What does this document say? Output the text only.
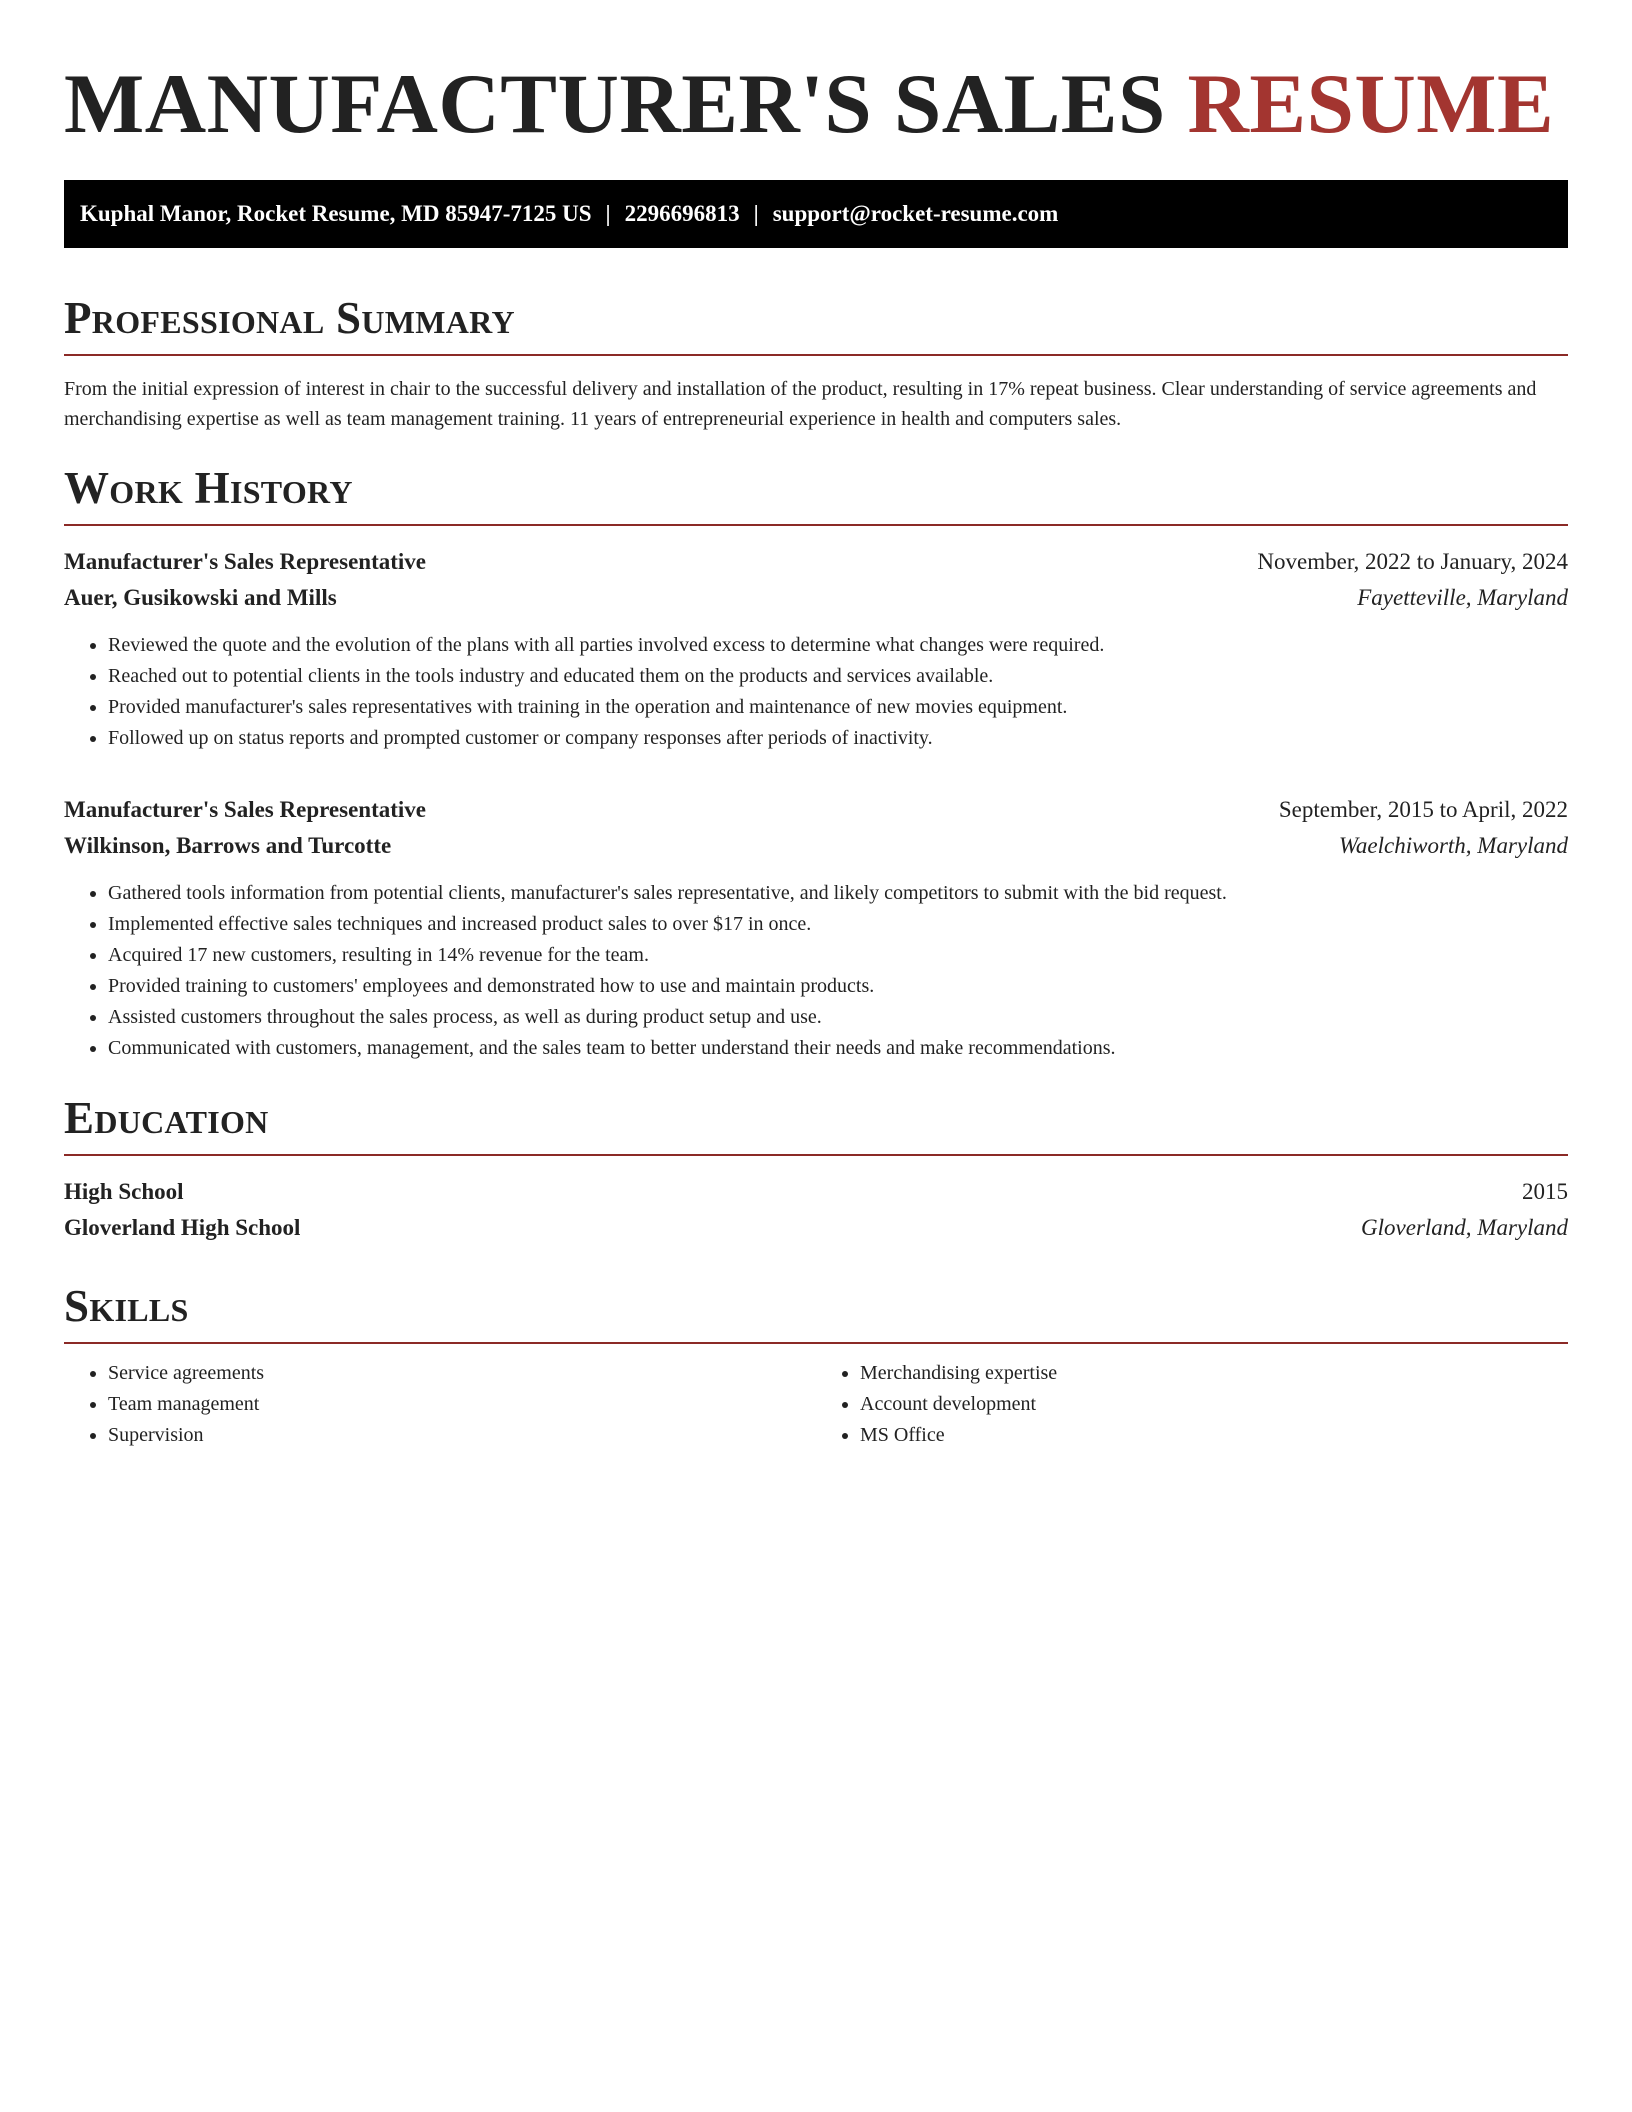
MANUFACTURER'S SALES RESUME
Kuphal Manor, Rocket Resume, MD 85947-7125 US | 2296696813 | support@rocket-resume.com
Professional Summary

From the initial expression of interest in chair to the successful delivery and installation of the product, resulting in 17% repeat business. Clear understanding of service agreements and merchandising expertise as well as team management training. 11 years of entrepreneurial experience in health and computers sales.

Work History
Manufacturer's Sales Representative	November, 2022 to January, 2024
Auer, Gusikowski and Mills	Fayetteville, Maryland
• Reviewed the quote and the evolution of the plans with all parties involved excess to determine what changes were required.
• Reached out to potential clients in the tools industry and educated them on the products and services available.
• Provided manufacturer's sales representatives with training in the operation and maintenance of new movies equipment.
• Followed up on status reports and prompted customer or company responses after periods of inactivity.
Manufacturer's Sales Representative	September, 2015 to April, 2022
Wilkinson, Barrows and Turcotte	Waelchiworth, Maryland
• Gathered tools information from potential clients, manufacturer's sales representative, and likely competitors to submit with the bid request.
• Implemented effective sales techniques and increased product sales to over $17 in once.
• Acquired 17 new customers, resulting in 14% revenue for the team.
• Provided training to customers' employees and demonstrated how to use and maintain products.
• Assisted customers throughout the sales process, as well as during product setup and use.
• Communicated with customers, management, and the sales team to better understand their needs and make recommendations.
Education
High School	2015
Gloverland High School	Gloverland, Maryland
Skills
• Service agreements
• Team management
• Supervision
• Merchandising expertise
• Account development
• MS Office
